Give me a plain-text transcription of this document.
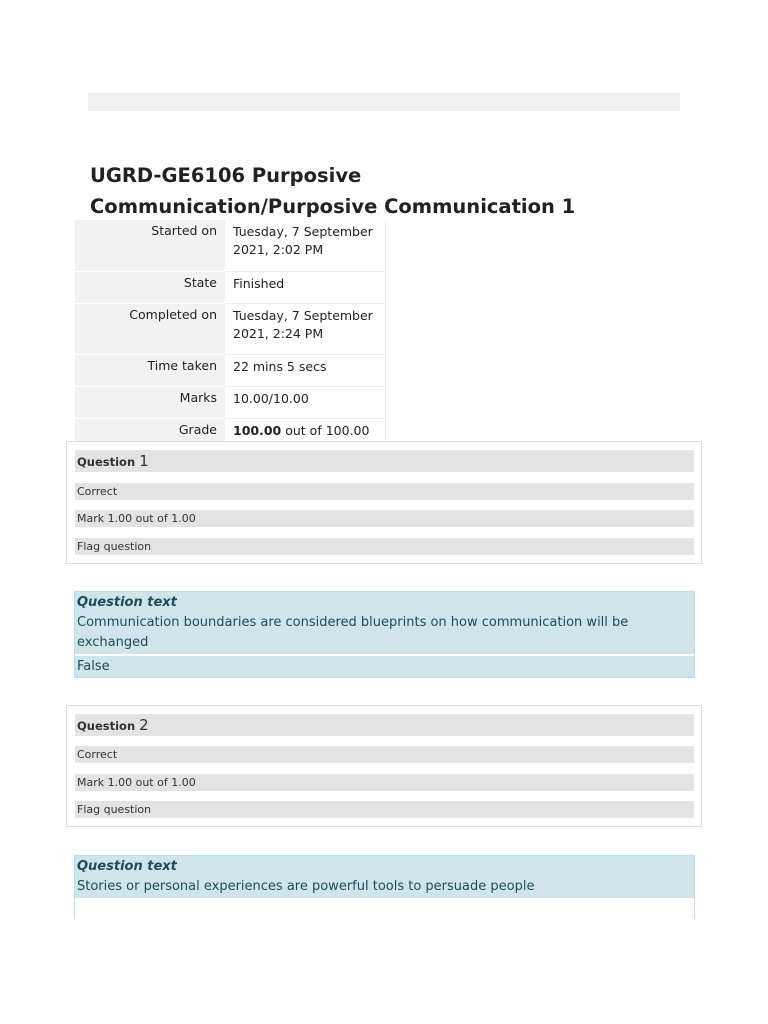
UGRD-GE6106 Purposive Communication/Purposive Communication 1
Started on	Tuesday, 7 September 2021, 2:02 PM
State	Finished
Completed on	Tuesday, 7 September 2021, 2:24 PM
Time taken	22 mins 5 secs
Marks	10.00/10.00
Grade	100.00 out of 100.00
Question 1
Correct
Mark 1.00 out of 1.00
Flag question
Question text
Communication boundaries are considered blueprints on how communication will be exchanged
False
Question 2
Correct
Mark 1.00 out of 1.00
Flag question
Question text
Stories or personal experiences are powerful tools to persuade people
